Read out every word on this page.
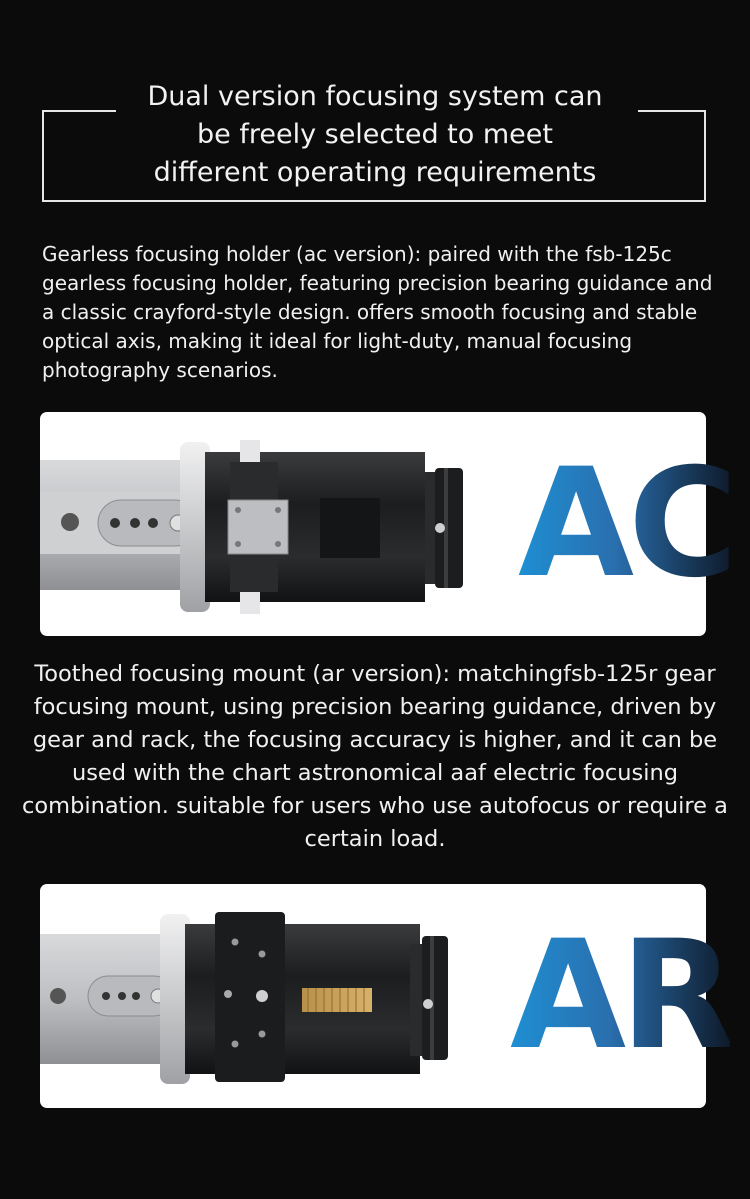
Dual version focusing system can
be freely selected to meet
different operating requirements

Gearless focusing holder (ac version): paired with the fsb-125c gearless focusing holder, featuring precision bearing guidance and a classic crayford-style design. offers smooth focusing and stable optical axis, making it ideal for light-duty, manual focusing photography scenarios.

AC

Toothed focusing mount (ar version): matchingfsb-125r gear focusing mount, using precision bearing guidance, driven by gear and rack, the focusing accuracy is higher, and it can be used with the chart astronomical aaf electric focusing combination. suitable for users who use autofocus or require a certain load.

AR
